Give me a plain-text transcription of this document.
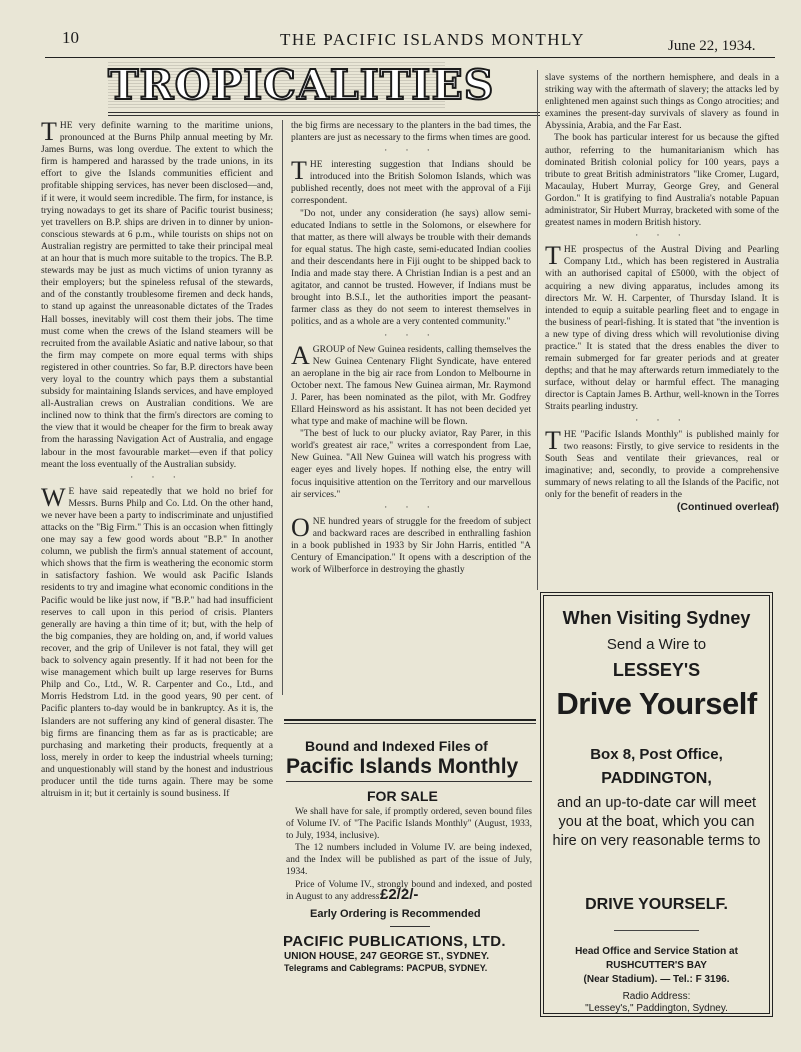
10	THE PACIFIC ISLANDS MONTHLY	June 22, 1934.
TROPICALITIES

THE very definite warning to the maritime unions, pronounced at the Burns Philp annual meeting by Mr. James Burns, was long overdue. The extent to which the firm is hampered and harassed by the trade unions, in its effort to give the Islands communities efficient and profitable shipping services, has never been disclosed—and, if it were, it would seem incredible. The firm, for instance, is trying nowadays to get its share of Pacific tourist business; yet travellers on B.P. ships are driven in to dinner by union-conscious stewards at 6 p.m., while tourists on ships not on Australian registry are permitted to take their principal meal at an hour that is much more suitable to the tropics. The B.P. stewards may be just as much victims of union tyranny as their employers; but the spineless refusal of the stewards, and of the constantly troublesome firemen and deck hands, to stand up against the unreasonable dictates of the Trades Hall bosses, inevitably will cost them their jobs. The time must come when the crews of the Island steamers will be recruited from the available Asiatic and native labour, so that the firm may compete on more equal terms with ships registered in other countries. So far, B.P. directors have been very loyal to the country which pays them a substantial subsidy for maintaining Islands services, and have employed all-Australian crews on Australian conditions. We are inclined now to think that the firm's directors are coming to the view that it would be cheaper for the firm to break away from the harassing Navigation Act of Australia, and engage labour in the most favourable market—even if that policy meant the loss eventually of the Australian subsidy.

· · ·

W E have said repeatedly that we hold no brief for Messrs. Burns Philp and Co. Ltd. On the other hand, we never have been a party to indiscriminate and unjustified attacks on the "Big Firm." This is an occasion when fittingly one may say a few good words about "B.P." In another column, we publish the firm's annual statement of account, which shows that the firm is weathering the economic storm in satisfactory fashion. We would ask Pacific Islands residents to try and imagine what economic conditions in the Pacific would be like just now, if "B.P." had had insufficient reserves to call upon in this period of crisis. Planters generally are having a thin time of it; but, with the help of the big companies, they are holding on, and, if world values recover, and the grip of Unilever is not fatal, they will get back to solvency again presently. If it had not been for the wise management which built up large reserves for Burns Philp and Co., Ltd., W. R. Carpenter and Co., Ltd., and Morris Hedstrom Ltd. in the good years, 90 per cent. of Pacific planters to-day would be in bankruptcy. As it is, the Islanders are not suffering any kind of general disaster. The big firms are financing them as far as is practicable; are purchasing and marketing their products, frequently at a loss, merely in order to keep the industrial wheels turning; and unquestionably will stand by the honest and industrious producer until the tide turns again. There may be some altruism in it; but it certainly is sound business. If

the big firms are necessary to the planters in the bad times, the planters are just as necessary to the firms when times are good.

· · ·

THE interesting suggestion that Indians should be introduced into the British Solomon Islands, which was published recently, does not meet with the approval of a Fiji correspondent.

"Do not, under any consideration (he says) allow semi-educated Indians to settle in the Solomons, or elsewhere for that matter, as there will always be trouble with their demands for equal status. The high caste, semi-educated Indian coolies and their descendants here in Fiji ought to be shipped back to India and made stay there. A Christian Indian is a pest and an agitator, and cannot be trusted. However, if Indians must be brought into B.S.I., let the authorities import the peasant-farmer class as they do not seem to interest themselves in politics, and as a whole are a very contented community."

· · ·

AGROUP of New Guinea residents, calling themselves the New Guinea Centenary Flight Syndicate, have entered an aeroplane in the big air race from London to Melbourne in October next. The famous New Guinea airman, Mr. Raymond J. Parer, has been nominated as the pilot, with Mr. Godfrey Ellard Heinsword as his assistant. It has not been decided yet what type and make of machine will be flown.

"The best of luck to our plucky aviator, Ray Parer, in this world's greatest air race," writes a correspondent from Lae, New Guinea. "All New Guinea will watch his progress with eager eyes and lively hopes. If nothing else, the entry will focus inquisitive attention on the Territory and our marvellous air services."

· · ·

ONE hundred years of struggle for the freedom of subject and backward races are described in enthralling fashion in a book published in 1933 by Sir John Harris, entitled "A Century of Emancipation." It opens with a description of the work of Wilberforce in destroying the ghastly

slave systems of the northern hemisphere, and deals in a striking way with the aftermath of slavery; the attacks led by enlightened men against such things as Congo atrocities; and examines the present-day survivals of slavery as found in Abyssinia, Arabia, and the Far East.

The book has particular interest for us because the gifted author, referring to the humanitarianism which has dominated British colonial policy for 100 years, pays a tribute to great British administrators "like Cromer, Lugard, Macaulay, Hubert Murray, George Grey, and General Gordon." It is gratifying to find Australia's notable Papuan administrator, Sir Hubert Murray, bracketed with some of the greatest names in modern British history.

· · ·

THE prospectus of the Austral Diving and Pearling Company Ltd., which has been registered in Australia with an authorised capital of £5000, with the object of acquiring a new diving apparatus, includes among its directors Mr. W. H. Carpenter, of Thursday Island. It is intended to equip a suitable pearling fleet and to engage in the business of pearl-fishing. It is stated that "the invention is a new type of diving dress which will revolutionise diving practice." It is stated that the dress enables the diver to remain submerged for far greater periods and at greater depths; and that he may afterwards return immediately to the surface, without delay or harmful effect. The managing director is Captain James B. Arthur, well-known in the Torres Straits pearling industry.

· · ·

THE "Pacific Islands Monthly" is published mainly for two reasons: Firstly, to give service to residents in the South Seas and ventilate their grievances, real or imaginative; and, secondly, to provide a comprehensive summary of news relating to all the Islands of the Pacific, not only for the benefit of readers in the

(Continued overleaf)
Bound and Indexed Files of
Pacific Islands Monthly
FOR SALE

We shall have for sale, if promptly ordered, seven bound files of Volume IV. of "The Pacific Islands Monthly" (August, 1933, to July, 1934, inclusive).

The 12 numbers included in Volume IV. are being indexed, and the Index will be published as part of the issue of July, 1934.

Price of Volume IV., strongly bound and indexed, and posted in August to any address £2/2/-
Early Ordering is Recommended
PACIFIC PUBLICATIONS, LTD.
UNION HOUSE, 247 GEORGE ST., SYDNEY.
Telegrams and Cablegrams: PACPUB, SYDNEY.
When Visiting Sydney
Send a Wire to
LESSEY'S
Drive Yourself
Box 8, Post Office,
PADDINGTON,
and an up-to-date car will meet you at the boat, which you can hire on very reasonable terms to
DRIVE YOURSELF.
Head Office and Service Station at
RUSHCUTTER'S BAY
(Near Stadium). — Tel.: F 3196.
Radio Address:
"Lessey's," Paddington, Sydney.
